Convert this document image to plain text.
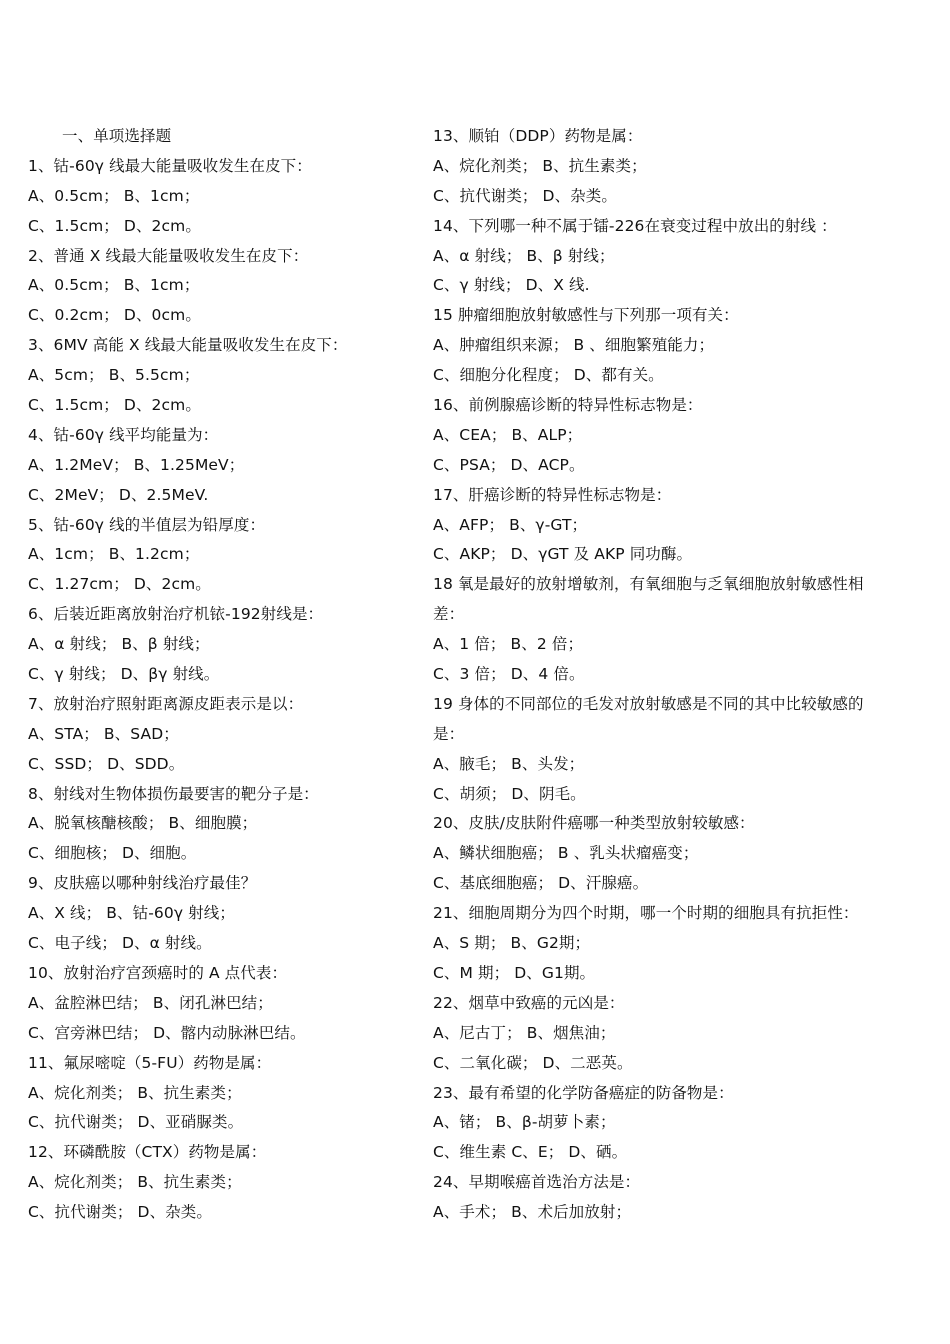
一、单项选择题
1、钴-60γ 线最大能量吸收发生在皮下：
A、0.5cm； B、1cm；
C、1.5cm； D、2cm。
2、普通 X 线最大能量吸收发生在皮下：
A、0.5cm； B、1cm；
C、0.2cm； D、0cm。
3、6MV 高能 X 线最大能量吸收发生在皮下：
A、5cm； B、5.5cm；
C、1.5cm； D、2cm。
4、钴-60γ 线平均能量为：
A、1.2MeV； B、1.25MeV；
C、2MeV； D、2.5MeV.
5、钴-60γ 线的半值层为铅厚度：
A、1cm； B、1.2cm；
C、1.27cm； D、2cm。
6、后装近距离放射治疗机铱-192射线是：
A、α 射线； B、β 射线；
C、γ 射线； D、βγ 射线。
7、放射治疗照射距离源皮距表示是以：
A、STA； B、SAD；
C、SSD； D、SDD。
8、射线对生物体损伤最要害的靶分子是：
A、脱氧核醣核酸； B、细胞膜；
C、细胞核； D、细胞。
9、皮肤癌以哪种射线治疗最佳？
A、X 线； B、钴-60γ 射线；
C、电子线； D、α 射线。
10、放射治疗宫颈癌时的 A 点代表：
A、盆腔淋巴结； B、闭孔淋巴结；
C、宫旁淋巴结； D、髂内动脉淋巴结。
11、氟尿嘧啶（5-FU）药物是属：
A、烷化剂类； B、抗生素类；
C、抗代谢类； D、亚硝脲类。
12、环磷酰胺（CTX）药物是属：
A、烷化剂类； B、抗生素类；
C、抗代谢类； D、杂类。
13、顺铂（DDP）药物是属：
A、烷化剂类； B、抗生素类；
C、抗代谢类； D、杂类。
14、下列哪一种不属于镭-226在衰变过程中放出的射线 ：
A、α 射线； B、β 射线；
C、γ 射线； D、X 线.
15 肿瘤细胞放射敏感性与下列那一项有关：
A、肿瘤组织来源； B 、细胞繁殖能力；
C、细胞分化程度； D、都有关。
16、前例腺癌诊断的特异性标志物是：
A、CEA； B、ALP；
C、PSA； D、ACP。
17、肝癌诊断的特异性标志物是：
A、AFP； B、γ-GT；
C、AKP； D、γGT 及 AKP 同功酶。
18 氧是最好的放射增敏剂，有氧细胞与乏氧细胞放射敏感性相
差：
A、1 倍； B、2 倍；
C、3 倍； D、4 倍。
19 身体的不同部位的毛发对放射敏感是不同的其中比较敏感的
是：
A、腋毛； B、头发；
C、胡须； D、阴毛。
20、皮肤/皮肤附件癌哪一种类型放射较敏感：
A、鳞状细胞癌； B 、乳头状瘤癌变；
C、基底细胞癌； D、汗腺癌。
21、细胞周期分为四个时期，哪一个时期的细胞具有抗拒性：
A、S 期； B、G2期；
C、M 期； D、G1期。
22、烟草中致癌的元凶是：
A、尼古丁； B、烟焦油；
C、二氧化碳； D、二恶英。
23、最有希望的化学防备癌症的防备物是：
A、锗； B、β-胡萝卜素；
C、维生素 C、E； D、硒。
24、早期喉癌首选治方法是：
A、手术； B、术后加放射；
